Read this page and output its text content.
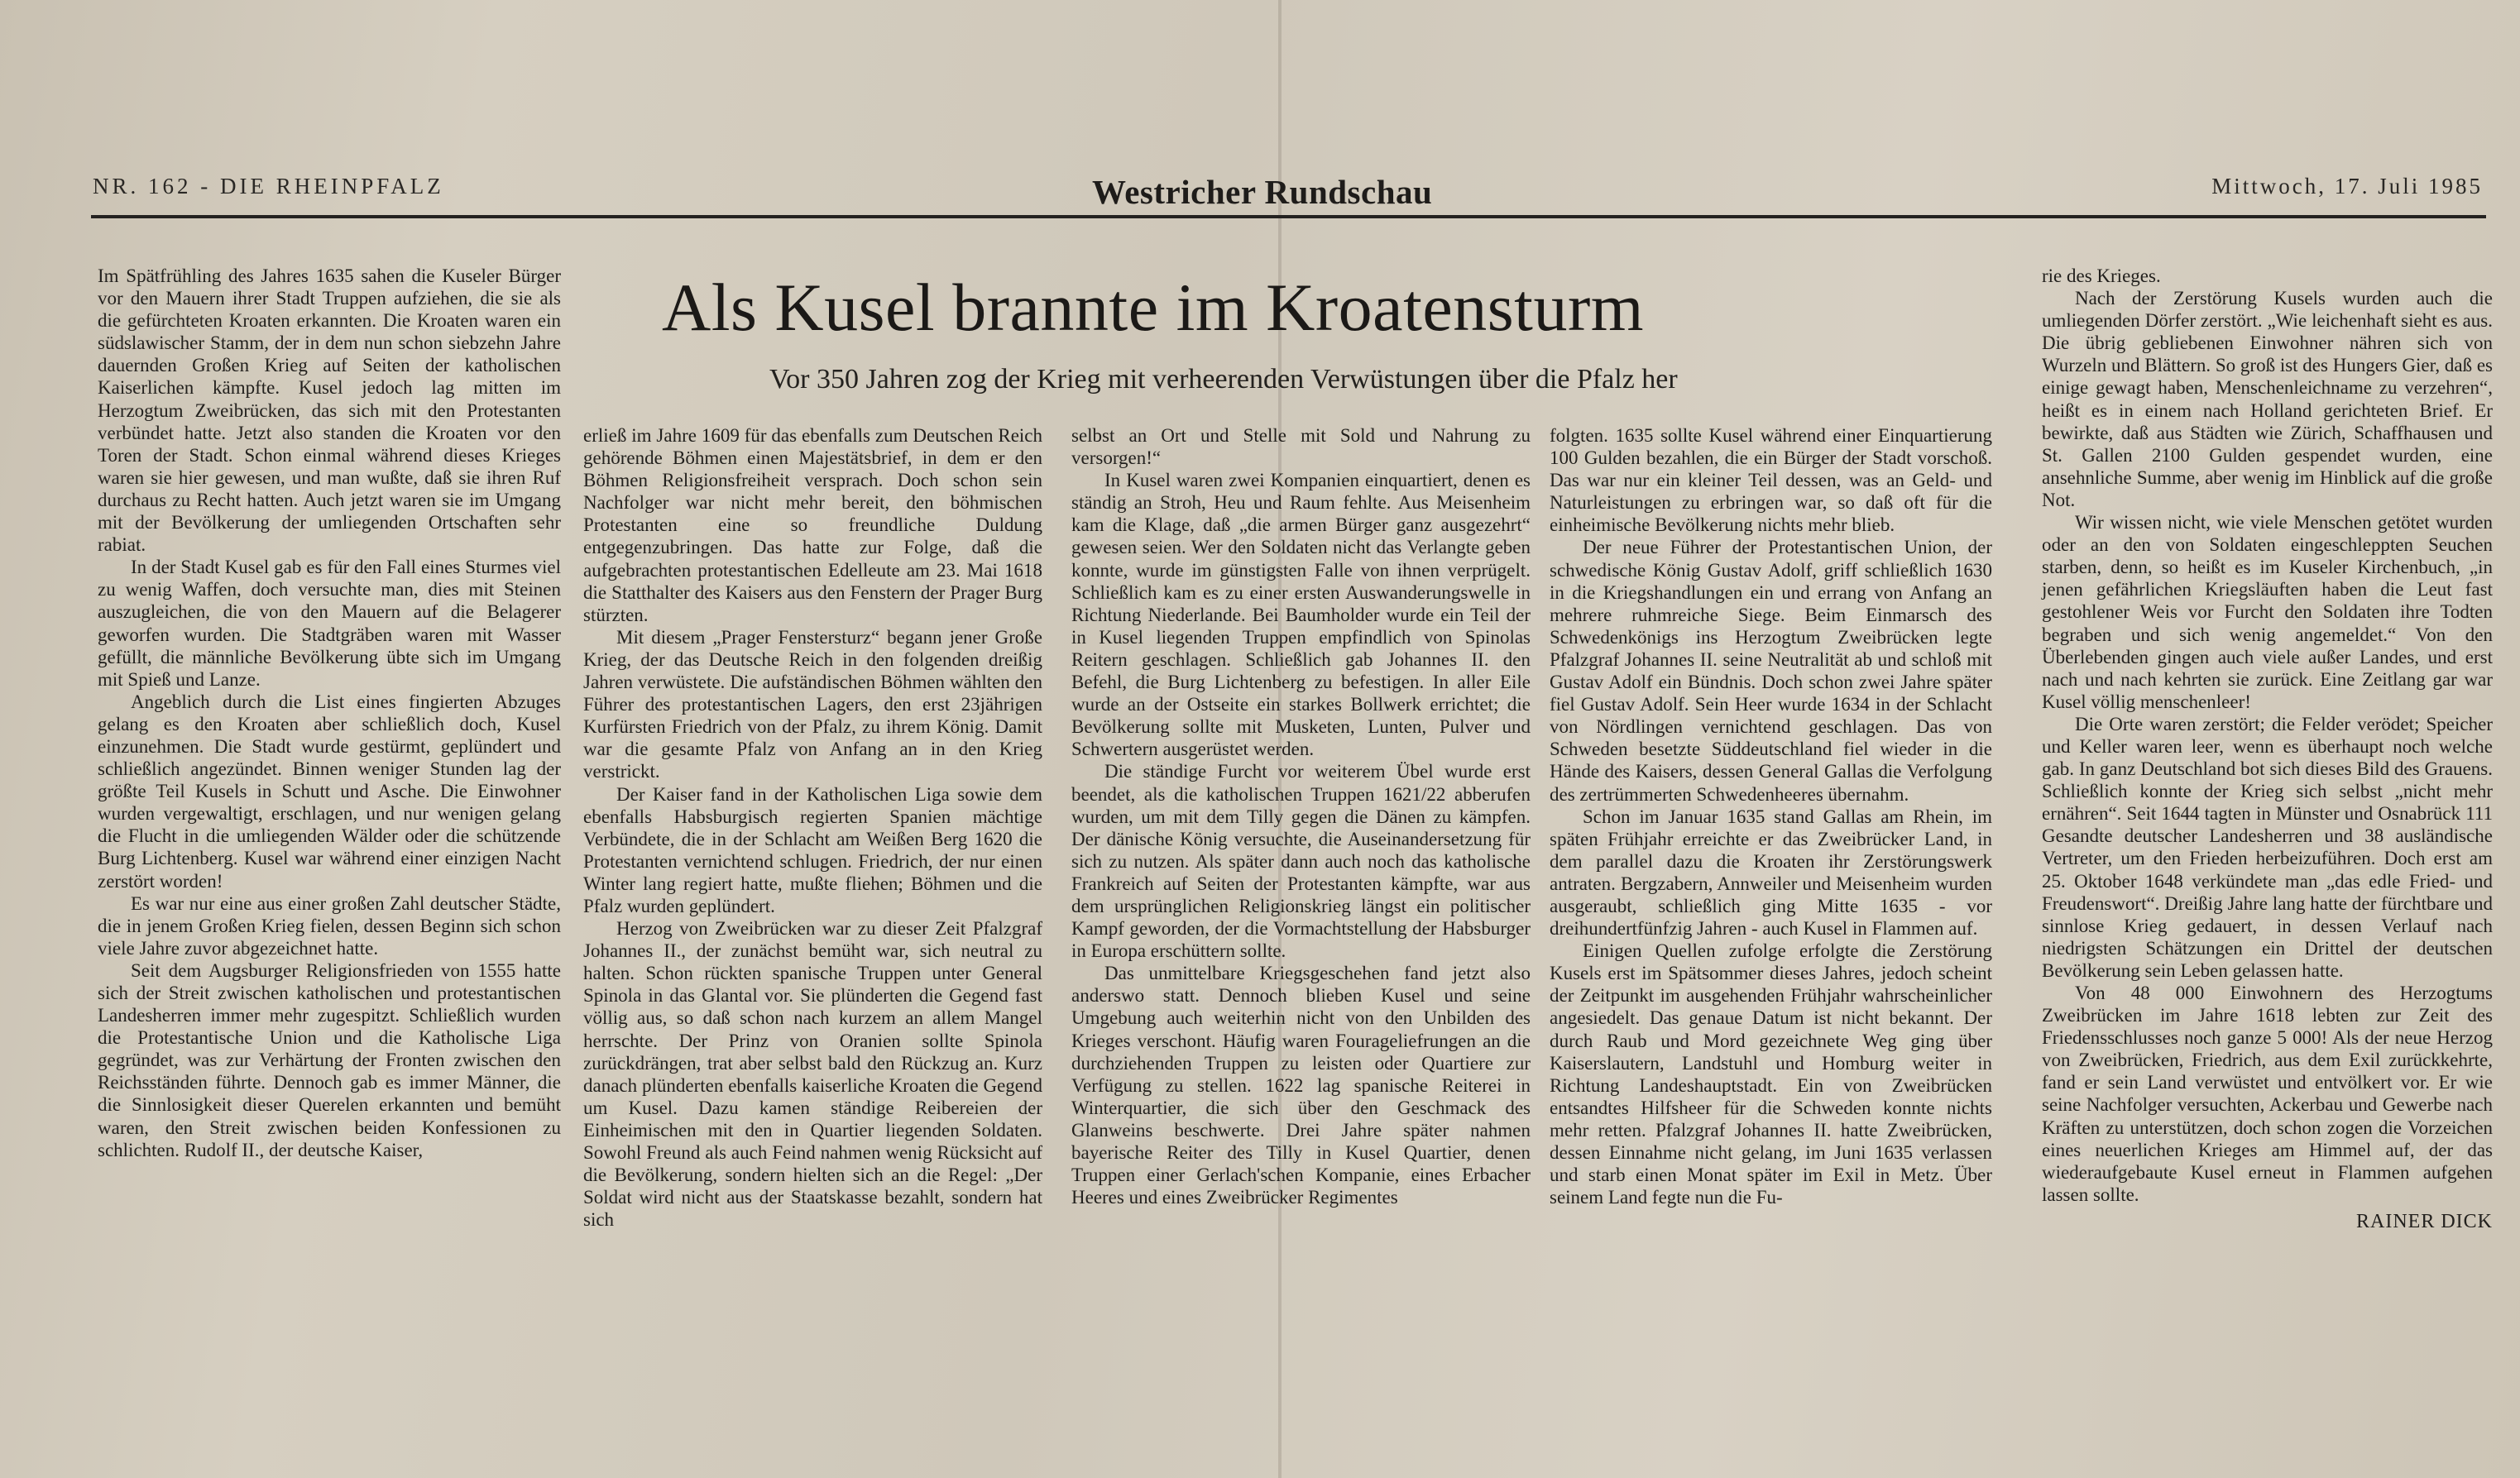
NR. 162 - DIE RHEINPFALZ	Westricher Rundschau	Mittwoch, 17. Juli 1985
Als Kusel brannte im Kroatensturm
Vor 350 Jahren zog der Krieg mit verheerenden Verwüstungen über die Pfalz her

Im Spätfrühling des Jahres 1635 sahen die Kuseler Bürger vor den Mauern ihrer Stadt Truppen aufziehen, die sie als die gefürchteten Kroaten erkannten. Die Kroaten waren ein südslawischer Stamm, der in dem nun schon siebzehn Jahre dauernden Großen Krieg auf Seiten der katholischen Kaiserlichen kämpfte. Kusel jedoch lag mitten im Herzogtum Zweibrücken, das sich mit den Protestanten verbündet hatte. Jetzt also standen die Kroaten vor den Toren der Stadt. Schon einmal während dieses Krieges waren sie hier gewesen, und man wußte, daß sie ihren Ruf durchaus zu Recht hatten. Auch jetzt waren sie im Umgang mit der Bevölkerung der umliegenden Ortschaften sehr rabiat.

In der Stadt Kusel gab es für den Fall eines Sturmes viel zu wenig Waffen, doch versuchte man, dies mit Steinen auszugleichen, die von den Mauern auf die Belagerer geworfen wurden. Die Stadtgräben waren mit Wasser gefüllt, die männliche Bevölkerung übte sich im Umgang mit Spieß und Lanze.

Angeblich durch die List eines fingierten Abzuges gelang es den Kroaten aber schließlich doch, Kusel einzunehmen. Die Stadt wurde gestürmt, geplündert und schließlich angezündet. Binnen weniger Stunden lag der größte Teil Kusels in Schutt und Asche. Die Einwohner wurden vergewaltigt, erschlagen, und nur wenigen gelang die Flucht in die umliegenden Wälder oder die schützende Burg Lichtenberg. Kusel war während einer einzigen Nacht zerstört worden!

Es war nur eine aus einer großen Zahl deutscher Städte, die in jenem Großen Krieg fielen, dessen Beginn sich schon viele Jahre zuvor abgezeichnet hatte.

Seit dem Augsburger Religionsfrieden von 1555 hatte sich der Streit zwischen katholischen und protestantischen Landesherren immer mehr zugespitzt. Schließlich wurden die Protestantische Union und die Katholische Liga gegründet, was zur Verhärtung der Fronten zwischen den Reichsständen führte. Dennoch gab es immer Männer, die die Sinnlosigkeit dieser Querelen erkannten und bemüht waren, den Streit zwischen beiden Konfessionen zu schlichten. Rudolf II., der deutsche Kaiser,

erließ im Jahre 1609 für das ebenfalls zum Deutschen Reich gehörende Böhmen einen Majestätsbrief, in dem er den Böhmen Religionsfreiheit versprach. Doch schon sein Nachfolger war nicht mehr bereit, den böhmischen Protestanten eine so freundliche Duldung entgegenzubringen. Das hatte zur Folge, daß die aufgebrachten protestantischen Edelleute am 23. Mai 1618 die Statthalter des Kaisers aus den Fenstern der Prager Burg stürzten.

Mit diesem „Prager Fenstersturz“ begann jener Große Krieg, der das Deutsche Reich in den folgenden dreißig Jahren verwüstete. Die aufständischen Böhmen wählten den Führer des protestantischen Lagers, den erst 23jährigen Kurfürsten Friedrich von der Pfalz, zu ihrem König. Damit war die gesamte Pfalz von Anfang an in den Krieg verstrickt.

Der Kaiser fand in der Katholischen Liga sowie dem ebenfalls Habsburgisch regierten Spanien mächtige Verbündete, die in der Schlacht am Weißen Berg 1620 die Protestanten vernichtend schlugen. Friedrich, der nur einen Winter lang regiert hatte, mußte fliehen; Böhmen und die Pfalz wurden geplündert.

Herzog von Zweibrücken war zu dieser Zeit Pfalzgraf Johannes II., der zunächst bemüht war, sich neutral zu halten. Schon rückten spanische Truppen unter General Spinola in das Glantal vor. Sie plünderten die Gegend fast völlig aus, so daß schon nach kurzem an allem Mangel herrschte. Der Prinz von Oranien sollte Spinola zurückdrängen, trat aber selbst bald den Rückzug an. Kurz danach plünderten ebenfalls kaiserliche Kroaten die Gegend um Kusel. Dazu kamen ständige Reibereien der Einheimischen mit den in Quartier liegenden Soldaten. Sowohl Freund als auch Feind nahmen wenig Rücksicht auf die Bevölkerung, sondern hielten sich an die Regel: „Der Soldat wird nicht aus der Staatskasse bezahlt, sondern hat sich

selbst an Ort und Stelle mit Sold und Nahrung zu versorgen!“

In Kusel waren zwei Kompanien einquartiert, denen es ständig an Stroh, Heu und Raum fehlte. Aus Meisenheim kam die Klage, daß „die armen Bürger ganz ausgezehrt“ gewesen seien. Wer den Soldaten nicht das Verlangte geben konnte, wurde im günstigsten Falle von ihnen verprügelt. Schließlich kam es zu einer ersten Auswanderungswelle in Richtung Niederlande. Bei Baumholder wurde ein Teil der in Kusel liegenden Truppen empfindlich von Spinolas Reitern geschlagen. Schließlich gab Johannes II. den Befehl, die Burg Lichtenberg zu befestigen. In aller Eile wurde an der Ostseite ein starkes Bollwerk errichtet; die Bevölkerung sollte mit Musketen, Lunten, Pulver und Schwertern ausgerüstet werden.

Die ständige Furcht vor weiterem Übel wurde erst beendet, als die katholischen Truppen 1621/22 abberufen wurden, um mit dem Tilly gegen die Dänen zu kämpfen. Der dänische König versuchte, die Auseinandersetzung für sich zu nutzen. Als später dann auch noch das katholische Frankreich auf Seiten der Protestanten kämpfte, war aus dem ursprünglichen Religionskrieg längst ein politischer Kampf geworden, der die Vormachtstellung der Habsburger in Europa erschüttern sollte.

Das unmittelbare Kriegsgeschehen fand jetzt also anderswo statt. Dennoch blieben Kusel und seine Umgebung auch weiterhin nicht von den Unbilden des Krieges verschont. Häufig waren Fourageliefrungen an die durchziehenden Truppen zu leisten oder Quartiere zur Verfügung zu stellen. 1622 lag spanische Reiterei in Winterquartier, die sich über den Geschmack des Glanweins beschwerte. Drei Jahre später nahmen bayerische Reiter des Tilly in Kusel Quartier, denen Truppen einer Gerlach'schen Kompanie, eines Erbacher Heeres und eines Zweibrücker Regimentes

folgten. 1635 sollte Kusel während einer Einquartierung 100 Gulden bezahlen, die ein Bürger der Stadt vorschoß. Das war nur ein kleiner Teil dessen, was an Geld- und Naturleistungen zu erbringen war, so daß oft für die einheimische Bevölkerung nichts mehr blieb.

Der neue Führer der Protestantischen Union, der schwedische König Gustav Adolf, griff schließlich 1630 in die Kriegshandlungen ein und errang von Anfang an mehrere ruhmreiche Siege. Beim Einmarsch des Schwedenkönigs ins Herzogtum Zweibrücken legte Pfalzgraf Johannes II. seine Neutralität ab und schloß mit Gustav Adolf ein Bündnis. Doch schon zwei Jahre später fiel Gustav Adolf. Sein Heer wurde 1634 in der Schlacht von Nördlingen vernichtend geschlagen. Das von Schweden besetzte Süddeutschland fiel wieder in die Hände des Kaisers, dessen General Gallas die Verfolgung des zertrümmerten Schwedenheeres übernahm.

Schon im Januar 1635 stand Gallas am Rhein, im späten Frühjahr erreichte er das Zweibrücker Land, in dem parallel dazu die Kroaten ihr Zerstörungswerk antraten. Bergzabern, Annweiler und Meisenheim wurden ausgeraubt, schließlich ging Mitte 1635 - vor dreihundertfünfzig Jahren - auch Kusel in Flammen auf.

Einigen Quellen zufolge erfolgte die Zerstörung Kusels erst im Spätsommer dieses Jahres, jedoch scheint der Zeitpunkt im ausgehenden Frühjahr wahrscheinlicher angesiedelt. Das genaue Datum ist nicht bekannt. Der durch Raub und Mord gezeichnete Weg ging über Kaiserslautern, Landstuhl und Homburg weiter in Richtung Landeshauptstadt. Ein von Zweibrücken entsandtes Hilfsheer für die Schweden konnte nichts mehr retten. Pfalzgraf Johannes II. hatte Zweibrücken, dessen Einnahme nicht gelang, im Juni 1635 verlassen und starb einen Monat später im Exil in Metz. Über seinem Land fegte nun die Fu-

rie des Krieges.

Nach der Zerstörung Kusels wurden auch die umliegenden Dörfer zerstört. „Wie leichenhaft sieht es aus. Die übrig gebliebenen Einwohner nähren sich von Wurzeln und Blättern. So groß ist des Hungers Gier, daß es einige gewagt haben, Menschenleichname zu verzehren“, heißt es in einem nach Holland gerichteten Brief. Er bewirkte, daß aus Städten wie Zürich, Schaffhausen und St. Gallen 2100 Gulden gespendet wurden, eine ansehnliche Summe, aber wenig im Hinblick auf die große Not.

Wir wissen nicht, wie viele Menschen getötet wurden oder an den von Soldaten eingeschleppten Seuchen starben, denn, so heißt es im Kuseler Kirchenbuch, „in jenen gefährlichen Kriegsläuften haben die Leut fast gestohlener Weis vor Furcht den Soldaten ihre Todten begraben und sich wenig angemeldet.“ Von den Überlebenden gingen auch viele außer Landes, und erst nach und nach kehrten sie zurück. Eine Zeitlang gar war Kusel völlig menschenleer!

Die Orte waren zerstört; die Felder verödet; Speicher und Keller waren leer, wenn es überhaupt noch welche gab. In ganz Deutschland bot sich dieses Bild des Grauens. Schließlich konnte der Krieg sich selbst „nicht mehr ernähren“. Seit 1644 tagten in Münster und Osnabrück 111 Gesandte deutscher Landesherren und 38 ausländische Vertreter, um den Frieden herbeizuführen. Doch erst am 25. Oktober 1648 verkündete man „das edle Fried- und Freudenswort“. Dreißig Jahre lang hatte der fürchtbare und sinnlose Krieg gedauert, in dessen Verlauf nach niedrigsten Schätzungen ein Drittel der deutschen Bevölkerung sein Leben gelassen hatte.

Von 48 000 Einwohnern des Herzogtums Zweibrücken im Jahre 1618 lebten zur Zeit des Friedensschlusses noch ganze 5 000! Als der neue Herzog von Zweibrücken, Friedrich, aus dem Exil zurückkehrte, fand er sein Land verwüstet und entvölkert vor. Er wie seine Nachfolger versuchten, Ackerbau und Gewerbe nach Kräften zu unterstützen, doch schon zogen die Vorzeichen eines neuerlichen Krieges am Himmel auf, der das wiederaufgebaute Kusel erneut in Flammen aufgehen lassen sollte.

RAINER DICK
